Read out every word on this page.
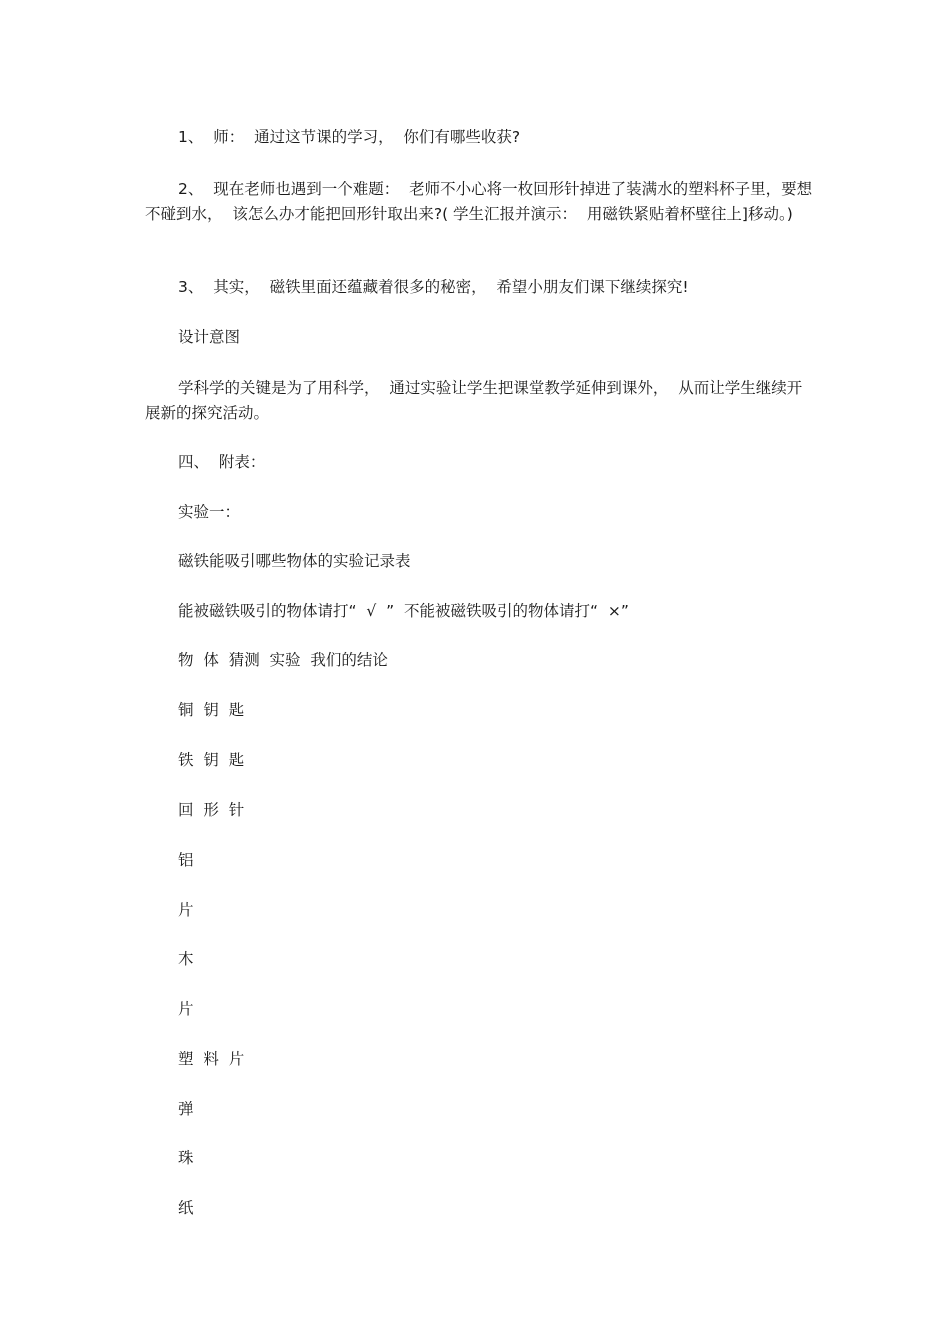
1、  师：  通过这节课的学习，  你们有哪些收获?

2、  现在老师也遇到一个难题：  老师不小心将一枚回形针掉进了装满水的塑料杯子里，要想不碰到水，  该怎么办才能把回形针取出来?( 学生汇报并演示：  用磁铁紧贴着杯壁往上]移动。)

3、  其实，  磁铁里面还蕴藏着很多的秘密，  希望小朋友们课下继续探究!

设计意图

学科学的关键是为了用科学，  通过实验让学生把课堂教学延伸到课外，  从而让学生继续开展新的探究活动。

四、  附表：

实验一：

磁铁能吸引哪些物体的实验记录表

能被磁铁吸引的物体请打“  √  ”  不能被磁铁吸引的物体请打“  ×”

物  体  猜测  实验  我们的结论

铜  钥  匙

铁  钥  匙

回  形  针

铝

片

木

片

塑  料  片

弹

珠

纸
